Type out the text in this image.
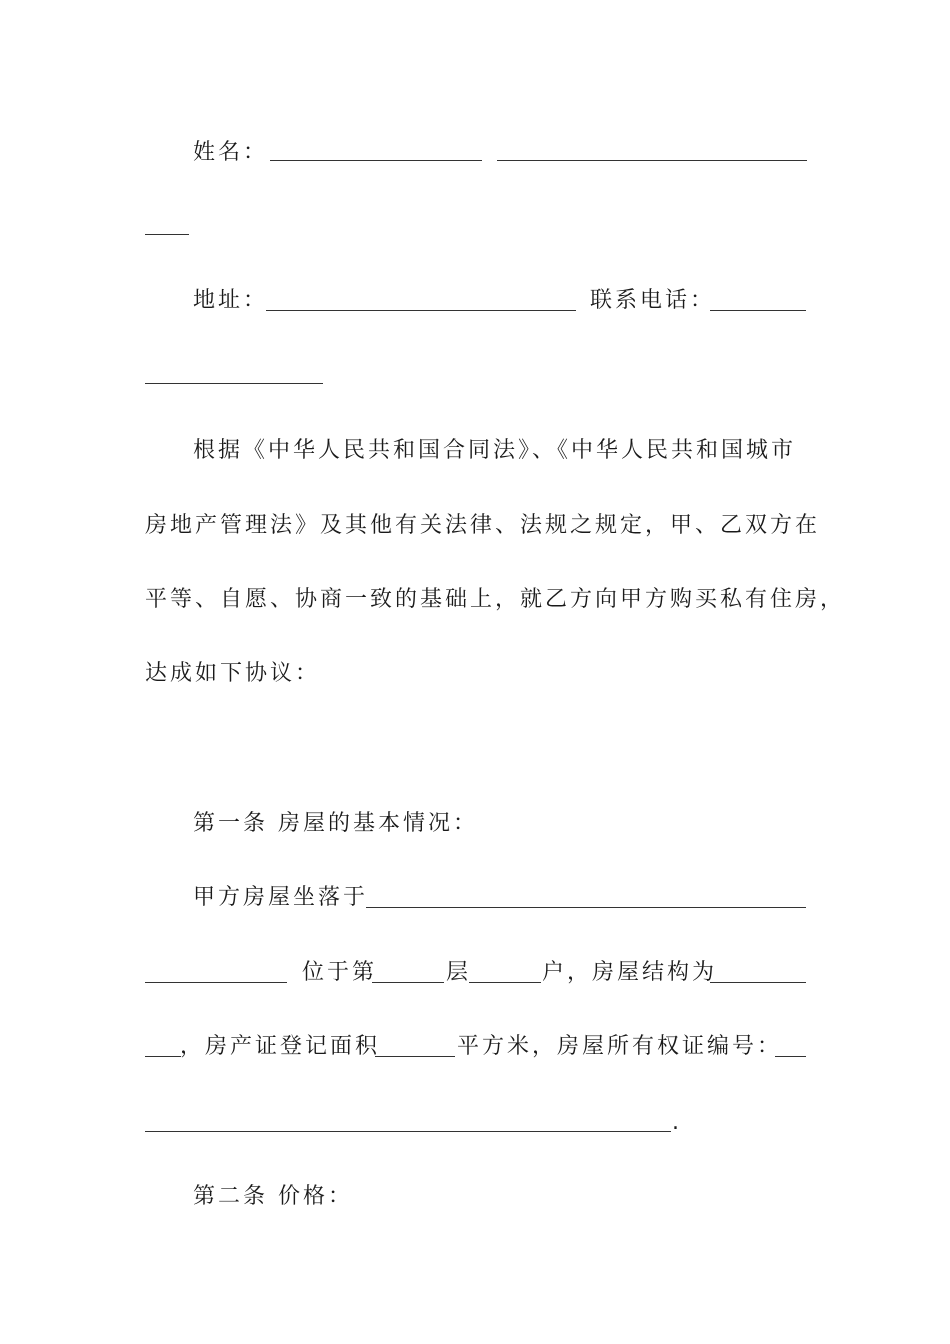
姓名：
地址：	联系电话：
根据《中华人民共和国合同法》、《中华人民共和国城市
房地产管理法》及其他有关法律、法规之规定，甲、乙双方在
平等、自愿、协商一致的基础上，就乙方向甲方购买私有住房，
达成如下协议：
第一条 房屋的基本情况：
甲方房屋坐落于
位于第	层	户，房屋结构为
，房产证登记面积	平方米，房屋所有权证编号：
.
第二条 价格：
